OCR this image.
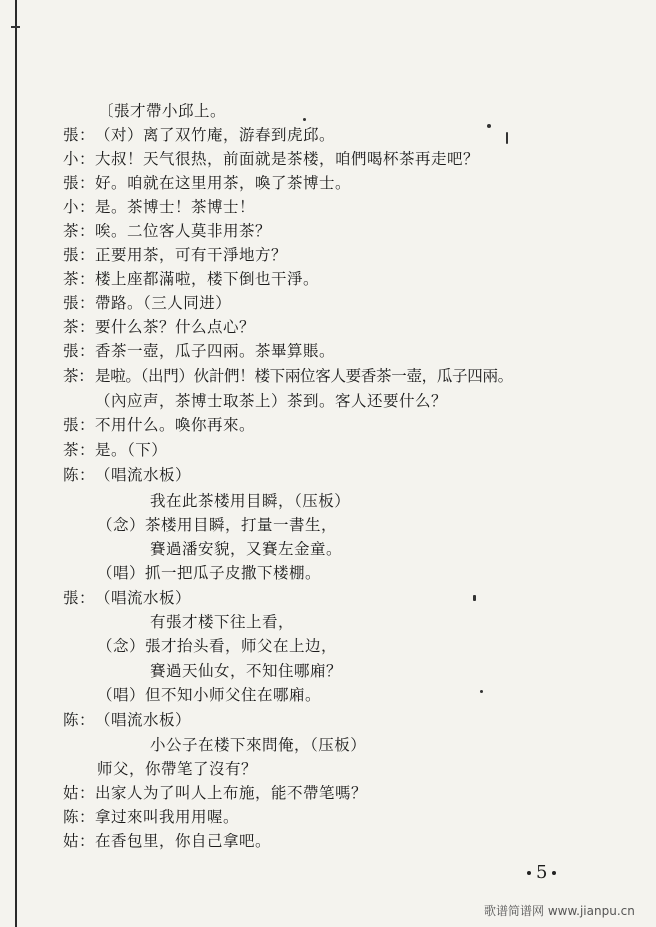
〔張才帶小邱上。
張：（对）离了双竹庵，游春到虎邱。
小：大叔！天气很热，前面就是茶楼，咱們喝杯茶再走吧？
張：好。咱就在这里用茶，喚了茶博士。
小：是。茶博士！茶博士！
茶：唉。二位客人莫非用茶？
張：正要用茶，可有干淨地方？
茶：楼上座都滿啦，楼下倒也干淨。
張：帶路。（三人同进）
茶：要什么茶？什么点心？
張：香茶一壺，瓜子四兩。茶畢算賬。
茶： 是啦。（出門）伙計們！楼下兩位客人要香茶一壺，瓜子四兩。
（內应声，茶博士取茶上）茶到。客人还要什么？
張：不用什么。喚你再來。
茶：是。（下）
陈：（唱流水板）
我在此茶楼用目瞬，（压板）
（念）茶楼用目瞬，打量一書生，
賽過潘安貌，又賽左金童。
（唱）抓一把瓜子皮撒下楼棚。
張：（唱流水板）
有張才楼下往上看，
（念）張才抬头看，师父在上边，
賽過天仙女，不知住哪廂？
（唱）但不知小师父住在哪廂。
陈：（唱流水板）
小公子在楼下來問俺，（压板）
师父，你帶笔了沒有？
姑：出家人为了叫人上布施，能不帶笔嗎？
陈：拿过來叫我用用喔。
姑：在香包里，你自己拿吧。
5
歌谱简谱网 www.jianpu.cn
